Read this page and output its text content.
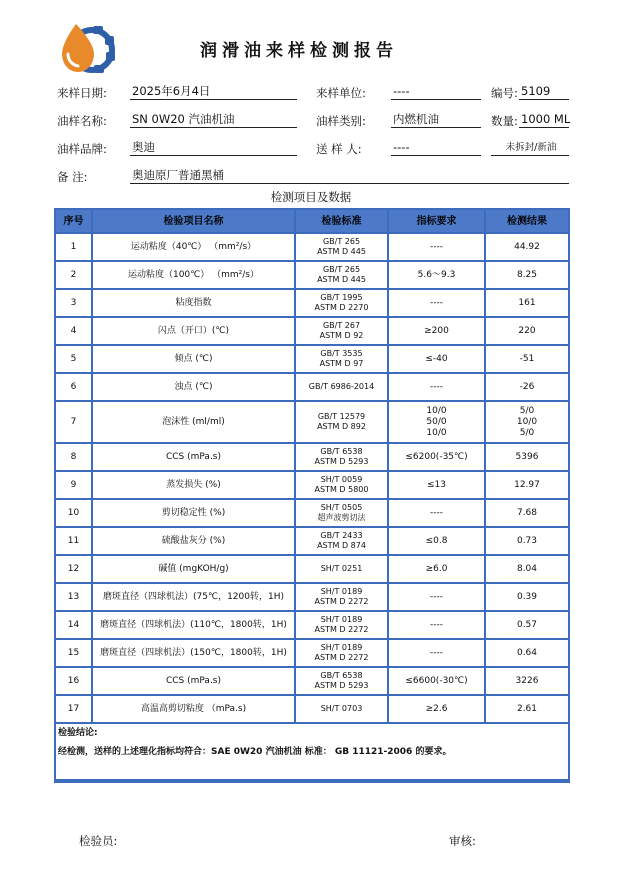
润滑油来样检测报告
来样日期: 2025年6月4日	来样单位: ----	编号: 5109
油样名称: SN 0W20 汽油机油	油样类别: 内燃机油	数量: 1000 ML
油样品牌: 奥迪	送 样 人:	----	未拆封/新油
备 注:	奥迪原厂普通黑桶
检测项目及数据
序号	检验项目名称	检验标准	指标要求	检测结果
1	运动粘度（40℃） （mm²/s）	GB/T 265
ASTM D 445	----	44.92
2	运动粘度（100℃） （mm²/s）	GB/T 265
ASTM D 445	5.6～9.3	8.25
3	粘度指数	GB/T 1995
ASTM D 2270	----	161
4	闪点（开口）(℃)	GB/T 267
ASTM D 92	≥200	220
5	倾点 (℃)	GB/T 3535
ASTM D 97	≤-40	-51
6	浊点 (℃)	GB/T 6986-2014	----	-26
7	泡沫性 (ml/ml)	GB/T 12579
ASTM D 892	10/0
50/0
10/0	5/0
10/0
5/0
8	CCS (mPa.s)	GB/T 6538
ASTM D 5293	≤6200(-35℃)	5396
9	蒸发损失 (%)	SH/T 0059
ASTM D 5800	≤13	12.97
10	剪切稳定性 (%)	SH/T 0505
超声波剪切法	----	7.68
11	硫酸盐灰分 (%)	GB/T 2433
ASTM D 874	≤0.8	0.73
12	碱值 (mgKOH/g)	SH/T 0251	≥6.0	8.04
13	磨斑直径（四球机法）(75℃，1200转，1H)	SH/T 0189
ASTM D 2272	----	0.39
14	磨斑直径（四球机法）(110℃，1800转，1H)	SH/T 0189
ASTM D 2272	----	0.57
15	磨斑直径（四球机法）(150℃，1800转，1H)	SH/T 0189
ASTM D 2272	----	0.64
16	CCS (mPa.s)	GB/T 6538
ASTM D 5293	≤6600(-30℃)	3226
17	高温高剪切粘度 （mPa.s)	SH/T 0703	≥2.6	2.61

检验结论:
经检测，送样的上述理化指标均符合：SAE 0W20 汽油机油 标准： GB 11121-2006 的要求。				
检验员:	审核:
